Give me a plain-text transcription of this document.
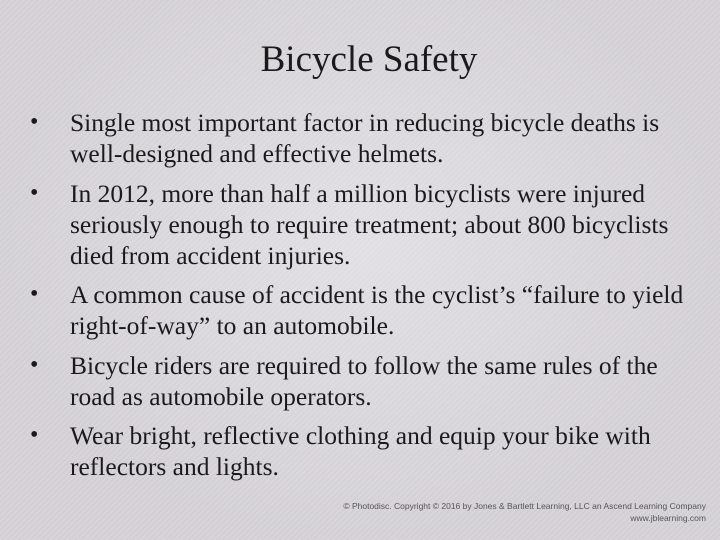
Bicycle Safety
•	Single most important factor in reducing bicycle deaths is well-designed and effective helmets.
•	In 2012, more than half a million bicyclists were injured seriously enough to require treatment; about 800 bicyclists died from accident injuries.
•	A common cause of accident is the cyclist’s “failure to yield right-of-way” to an automobile.
•	Bicycle riders are required to follow the same rules of the road as automobile operators.
•	Wear bright, reflective clothing and equip your bike with reflectors and lights.
© Photodisc. Copyright © 2016 by Jones & Bartlett Learning, LLC an Ascend Learning Company
www.jblearning.com
